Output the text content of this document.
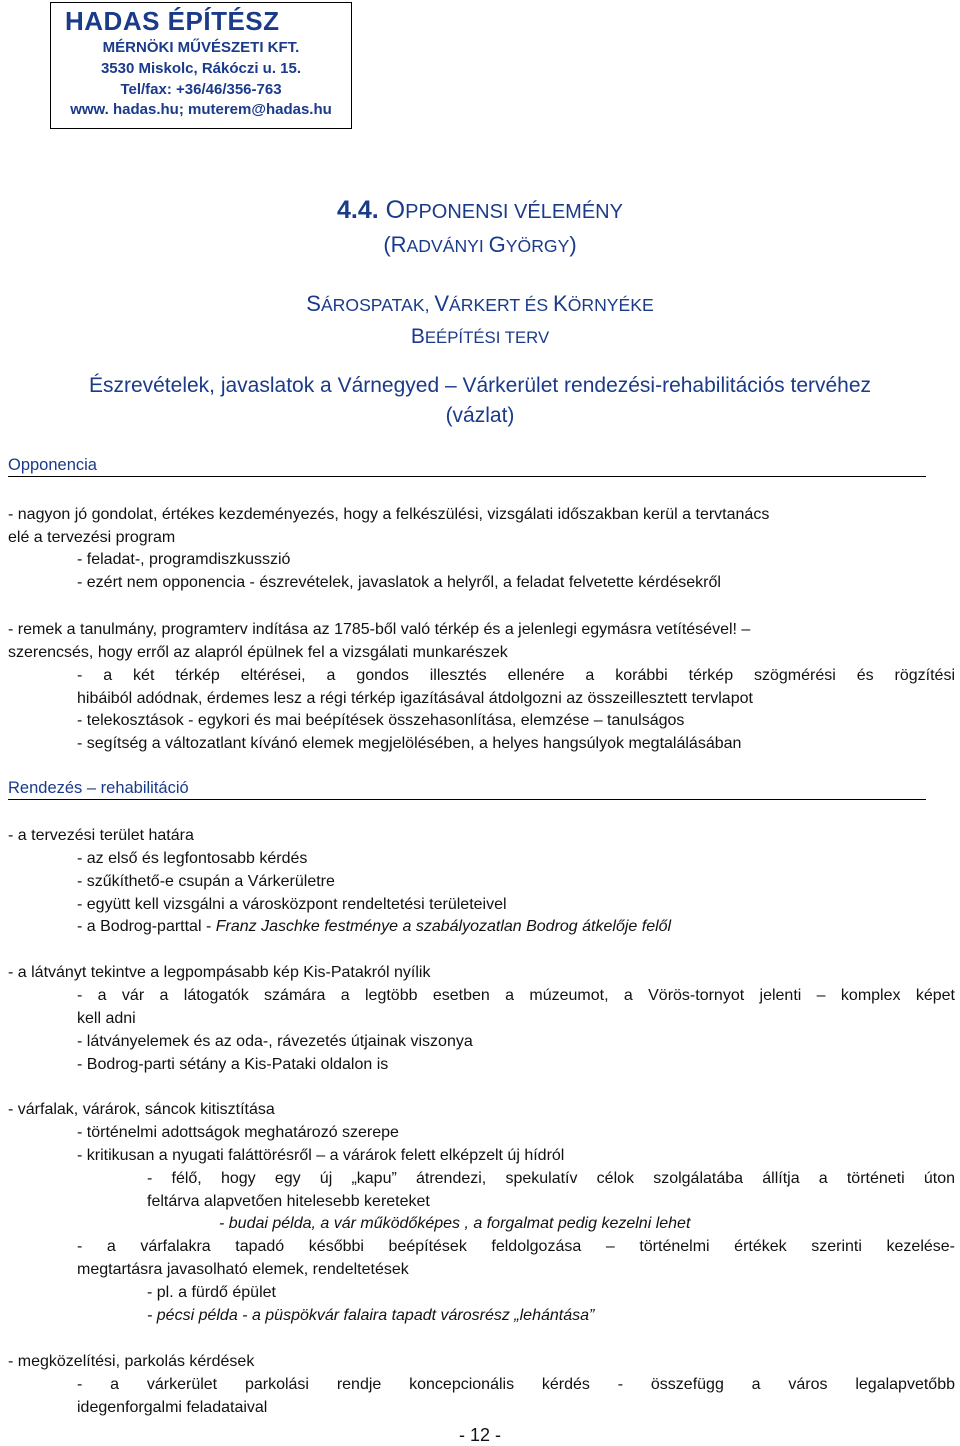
HADAS ÉPÍTÉSZ
MÉRNÖKI MŰVÉSZETI KFT.
3530 Miskolc, Rákóczi u. 15.
Tel/fax: +36/46/356-763
www. hadas.hu; muterem@hadas.hu
4.4. OPPONENSI VÉLEMÉNY
(RADVÁNYI GYÖRGY)
SÁROSPATAK, VÁRKERT ÉS KÖRNYÉKE
BEÉPÍTÉSI TERV
Észrevételek, javaslatok a Várnegyed – Várkerület rendezési-rehabilitációs tervéhez
(vázlat)
Opponencia
- nagyon jó gondolat, értékes kezdeményezés, hogy a felkészülési, vizsgálati időszakban kerül a tervtanács
elé a tervezési program
- feladat-, programdiszkusszió
- ezért nem opponencia - észrevételek, javaslatok a helyről, a feladat felvetette kérdésekről
- remek a tanulmány, programterv indítása az 1785-ből való térkép és a jelenlegi egymásra vetítésével! –
szerencsés, hogy erről az alapról épülnek fel a vizsgálati munkarészek
- a két térkép eltérései, a gondos illesztés ellenére a korábbi térkép szögmérési és rögzítési
hibáiból adódnak, érdemes lesz a régi térkép igazításával átdolgozni az összeillesztett tervlapot
- telekosztások - egykori és mai beépítések összehasonlítása, elemzése – tanulságos
- segítség a változatlant kívánó elemek megjelölésében, a helyes hangsúlyok megtalálásában
Rendezés – rehabilitáció
- a tervezési terület határa
- az első és legfontosabb kérdés
- szűkíthető-e csupán a Várkerületre
- együtt kell vizsgálni a városközpont rendeltetési területeivel
- a Bodrog-parttal - Franz Jaschke festménye a szabályozatlan Bodrog átkelője felől
- a látványt tekintve a legpompásabb kép Kis-Patakról nyílik
- a vár a látogatók számára a legtöbb esetben a múzeumot, a Vörös-tornyot jelenti – komplex képet
kell adni
- látványelemek és az oda-, rávezetés útjainak viszonya
- Bodrog-parti sétány a Kis-Pataki oldalon is
- várfalak, várárok, sáncok kitisztítása
- történelmi adottságok meghatározó szerepe
- kritikusan a nyugati faláttörésről – a várárok felett elképzelt új hídról
- félő, hogy egy új „kapu” átrendezi, spekulatív célok szolgálatába állítja a történeti úton
feltárva alapvetően hitelesebb kereteket
- budai példa, a vár működőképes , a forgalmat pedig kezelni lehet
- a várfalakra tapadó későbbi beépítések feldolgozása – történelmi értékek szerinti kezelése-
megtartásra javasolható elemek, rendeltetések
- pl. a fürdő épület
- pécsi példa - a püspökvár falaira tapadt városrész „lehántása”
- megközelítési, parkolás kérdések
- a várkerület parkolási rendje koncepcionális kérdés - összefügg a város legalapvetőbb
idegenforgalmi feladataival
- 12 -
